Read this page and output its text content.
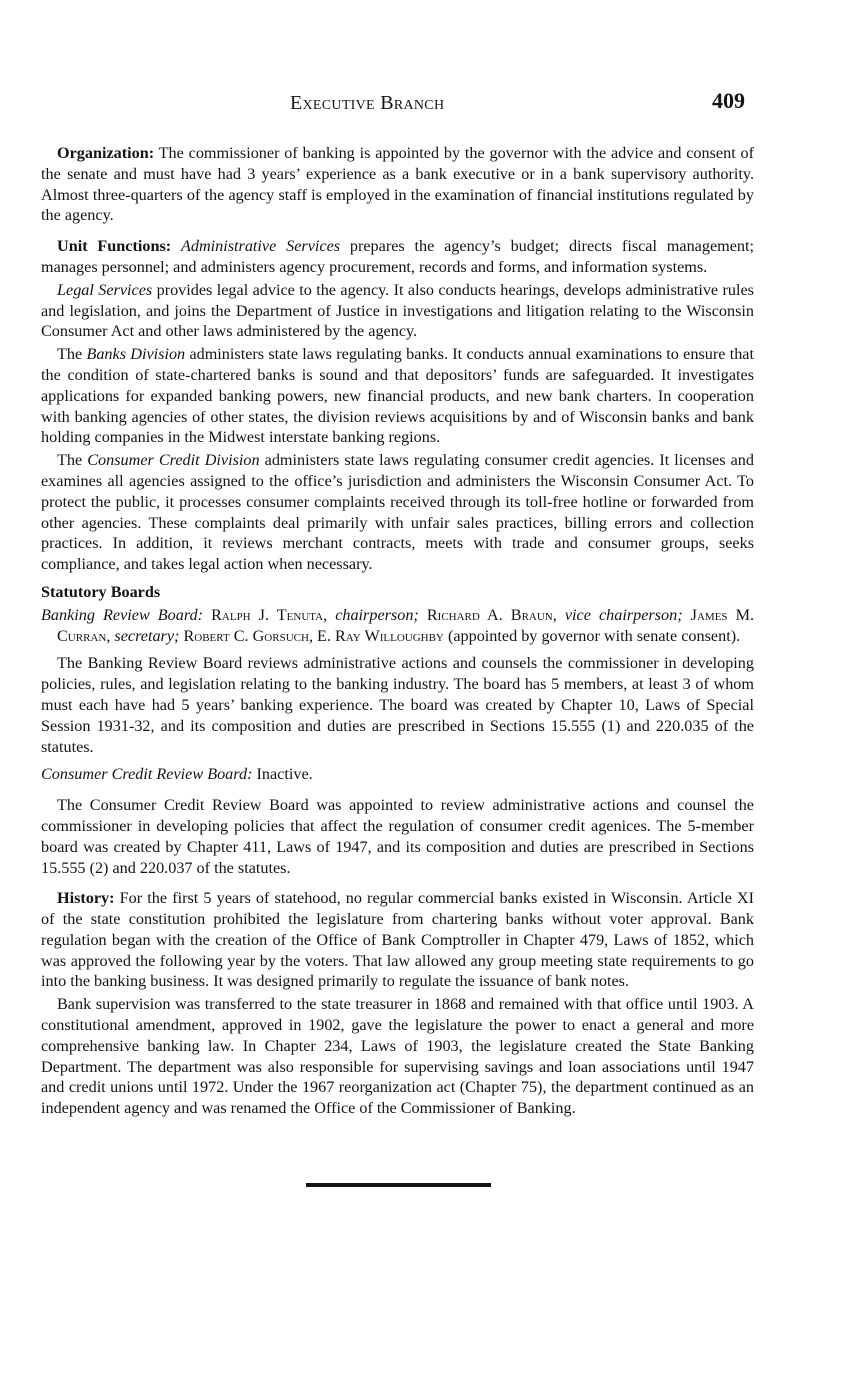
Executive Branch	409

Organization: The commissioner of banking is appointed by the governor with the advice and consent of the senate and must have had 3 years’ experience as a bank executive or in a bank supervisory authority. Almost three-quarters of the agency staff is employed in the examination of financial institutions regulated by the agency.

Unit Functions: Administrative Services prepares the agency’s budget; directs fiscal management; manages personnel; and administers agency procurement, records and forms, and information systems.

Legal Services provides legal advice to the agency. It also conducts hearings, develops administrative rules and legislation, and joins the Department of Justice in investigations and litigation relating to the Wisconsin Consumer Act and other laws administered by the agency.

The Banks Division administers state laws regulating banks. It conducts annual examinations to ensure that the condition of state-chartered banks is sound and that depositors’ funds are safeguarded. It investigates applications for expanded banking powers, new financial products, and new bank charters. In cooperation with banking agencies of other states, the division reviews acquisitions by and of Wisconsin banks and bank holding companies in the Midwest interstate banking regions.

The Consumer Credit Division administers state laws regulating consumer credit agencies. It licenses and examines all agencies assigned to the office’s jurisdiction and administers the Wisconsin Consumer Act. To protect the public, it processes consumer complaints received through its toll-free hotline or forwarded from other agencies. These complaints deal primarily with unfair sales practices, billing errors and collection practices. In addition, it reviews merchant contracts, meets with trade and consumer groups, seeks compliance, and takes legal action when necessary.

Statutory Boards

Banking Review Board: Ralph J. Tenuta, chairperson; Richard A. Braun, vice chairperson; James M. Curran, secretary; Robert C. Gorsuch, E. Ray Willoughby (appointed by governor with senate consent).

The Banking Review Board reviews administrative actions and counsels the commissioner in developing policies, rules, and legislation relating to the banking industry. The board has 5 members, at least 3 of whom must each have had 5 years’ banking experience. The board was created by Chapter 10, Laws of Special Session 1931-32, and its composition and duties are prescribed in Sections 15.555 (1) and 220.035 of the statutes.

Consumer Credit Review Board: Inactive.

The Consumer Credit Review Board was appointed to review administrative actions and counsel the commissioner in developing policies that affect the regulation of consumer credit agenices. The 5-member board was created by Chapter 411, Laws of 1947, and its composition and duties are prescribed in Sections 15.555 (2) and 220.037 of the statutes.

History: For the first 5 years of statehood, no regular commercial banks existed in Wisconsin. Article XI of the state constitution prohibited the legislature from chartering banks without voter approval. Bank regulation began with the creation of the Office of Bank Comptroller in Chapter 479, Laws of 1852, which was approved the following year by the voters. That law allowed any group meeting state requirements to go into the banking business. It was designed primarily to regulate the issuance of bank notes.

Bank supervision was transferred to the state treasurer in 1868 and remained with that office until 1903. A constitutional amendment, approved in 1902, gave the legislature the power to enact a general and more comprehensive banking law. In Chapter 234, Laws of 1903, the legislature created the State Banking Department. The department was also responsible for supervising savings and loan associations until 1947 and credit unions until 1972. Under the 1967 reorganization act (Chapter 75), the department continued as an independent agency and was renamed the Office of the Commissioner of Banking.
